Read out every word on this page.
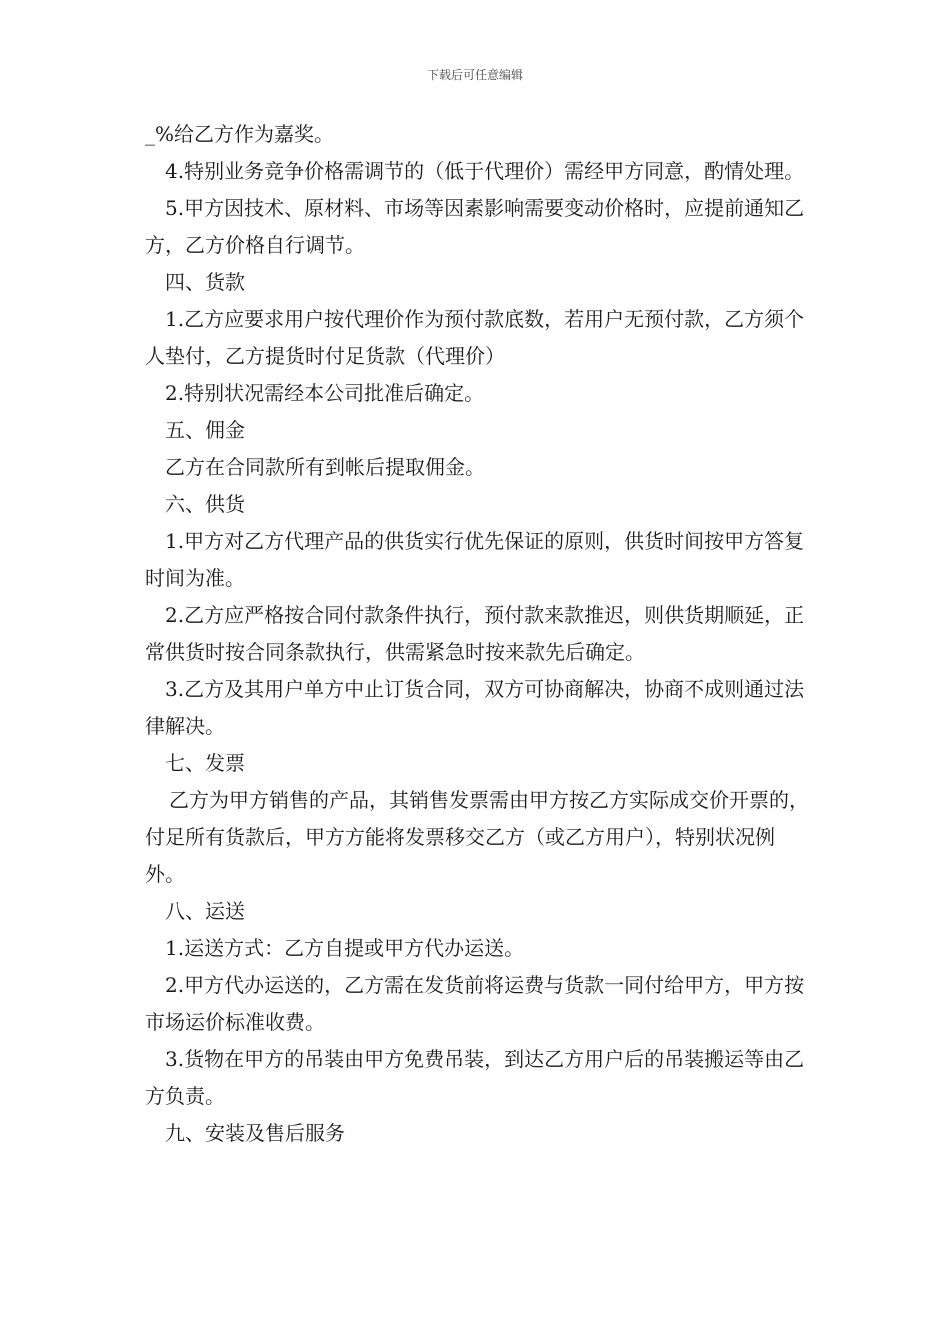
下载后可任意编辑

_%给乙方作为嘉奖。

4.特别业务竞争价格需调节的（低于代理价）需经甲方同意，酌情处理。

5.甲方因技术、原材料、市场等因素影响需要变动价格时，应提前通知乙方，乙方价格自行调节。

四、货款

1.乙方应要求用户按代理价作为预付款底数，若用户无预付款，乙方须个人垫付，乙方提货时付足货款（代理价）

2.特别状况需经本公司批准后确定。

五、佣金

乙方在合同款所有到帐后提取佣金。

六、供货

1.甲方对乙方代理产品的供货实行优先保证的原则，供货时间按甲方答复时间为准。

2.乙方应严格按合同付款条件执行，预付款来款推迟，则供货期顺延，正常供货时按合同条款执行，供需紧急时按来款先后确定。

3.乙方及其用户单方中止订货合同，双方可协商解决，协商不成则通过法律解决。

七、发票

乙方为甲方销售的产品，其销售发票需由甲方按乙方实际成交价开票的，付足所有货款后，甲方方能将发票移交乙方（或乙方用户），特别状况例外。

八、运送

1.运送方式：乙方自提或甲方代办运送。

2.甲方代办运送的，乙方需在发货前将运费与货款一同付给甲方，甲方按市场运价标准收费。

3.货物在甲方的吊装由甲方免费吊装，到达乙方用户后的吊装搬运等由乙方负责。

九、安装及售后服务
